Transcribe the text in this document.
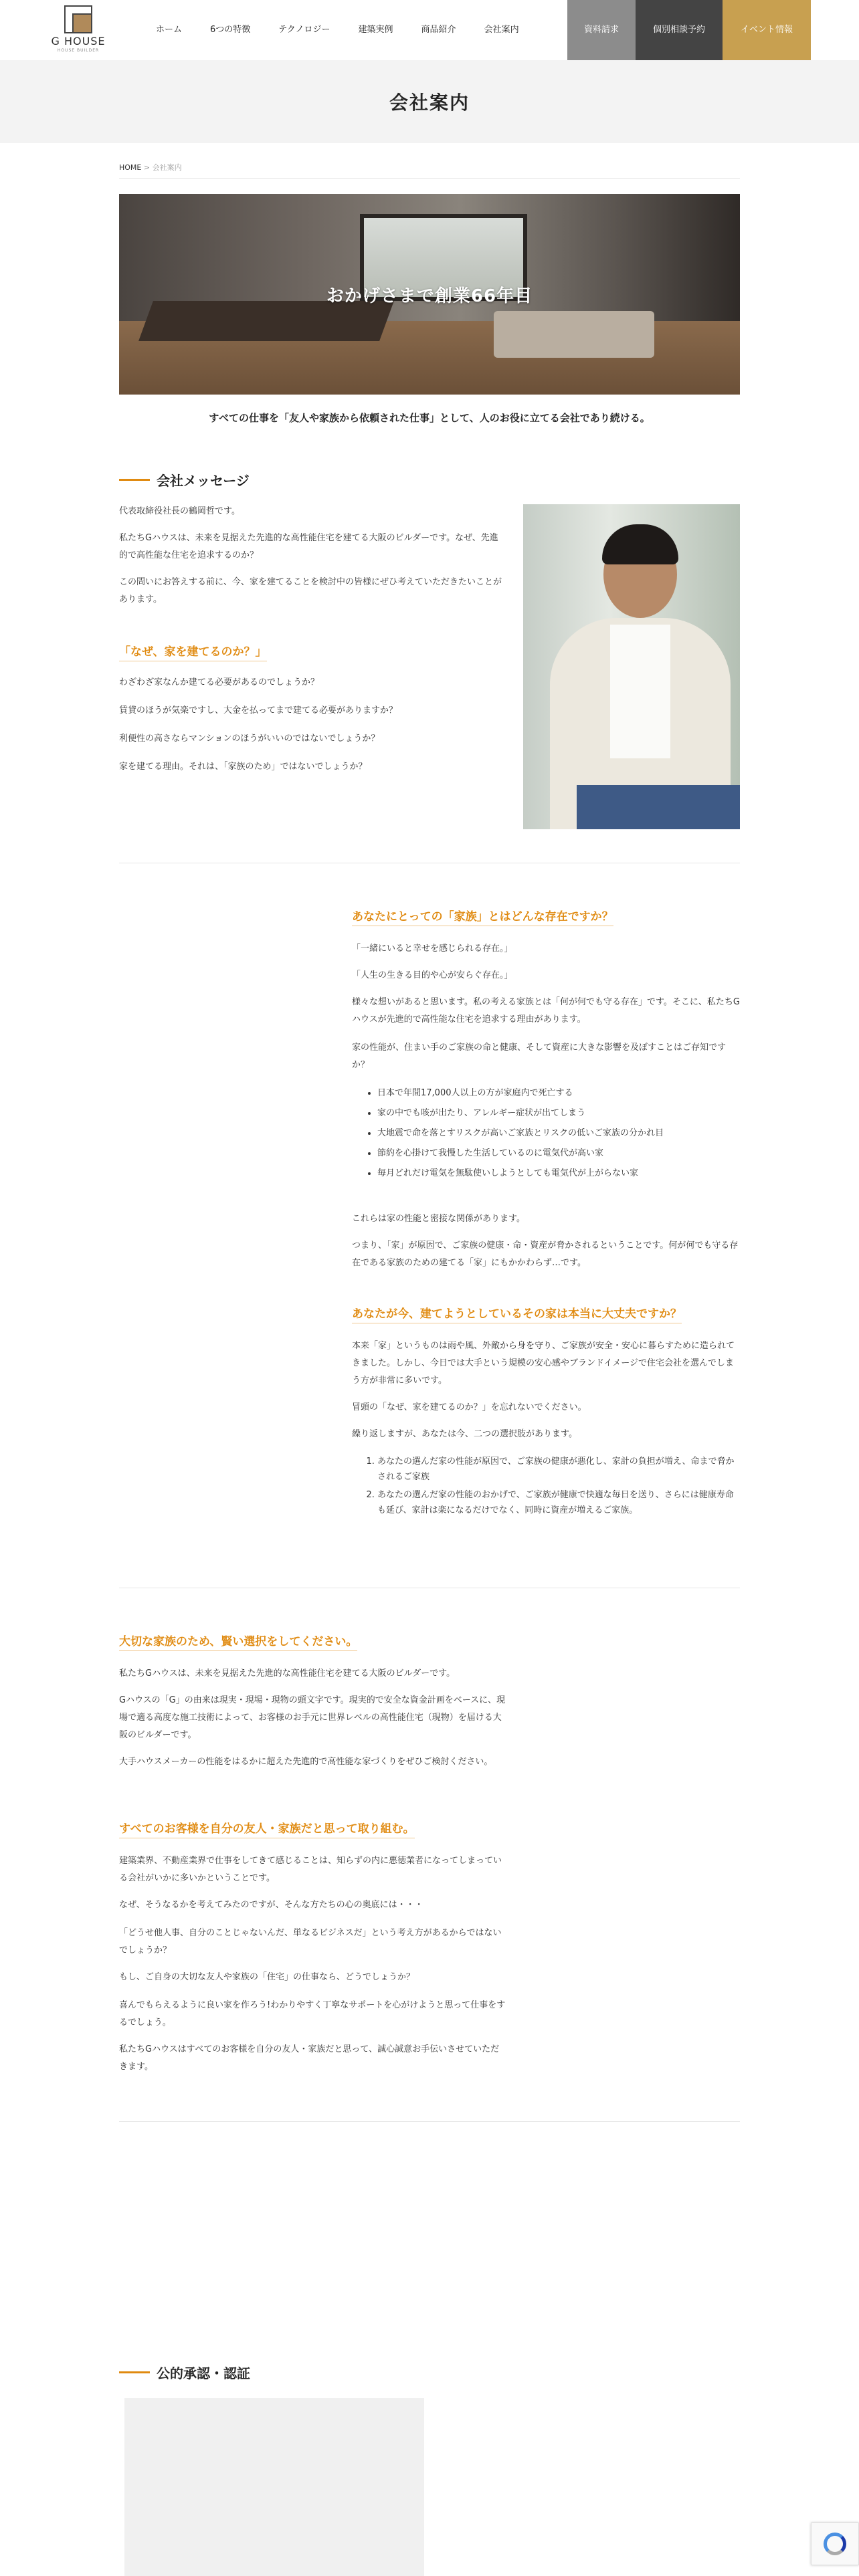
G HOUSE
HOUSE BUILDER
ホーム	6つの特徴	テクノロジー	建築実例	商品紹介	会社案内	資料請求	個別相談予約	イベント情報
会社案内
HOME > 会社案内
おかげさまで創業66年目
すべての仕事を「友人や家族から依頼された仕事」として、人のお役に立てる会社であり続ける。
会社メッセージ

代表取締役社長の鶴岡哲です。

私たちGハウスは、未来を見据えた先進的な高性能住宅を建てる大阪のビルダーです。なぜ、先進的で高性能な住宅を追求するのか？

この問いにお答えする前に、今、家を建てることを検討中の皆様にぜひ考えていただきたいことがあります。

「なぜ、家を建てるのか？」

わざわざ家なんか建てる必要があるのでしょうか？

賃貸のほうが気楽ですし、大金を払ってまで建てる必要がありますか？

利便性の高さならマンションのほうがいいのではないでしょうか？

家を建てる理由。それは、「家族のため」ではないでしょうか？

あなたにとっての「家族」とはどんな存在ですか？

「一緒にいると幸せを感じられる存在。」

「人生の生きる目的や心が安らぐ存在。」

様々な想いがあると思います。私の考える家族とは「何が何でも守る存在」です。そこに、私たちGハウスが先進的で高性能な住宅を追求する理由があります。

家の性能が、住まい手のご家族の命と健康、そして資産に大きな影響を及ぼすことはご存知ですか？

• 日本で年間17,000人以上の方が家庭内で死亡する
• 家の中でも咳が出たり、アレルギー症状が出てしまう
• 大地震で命を落とすリスクが高いご家族とリスクの低いご家族の分かれ目
• 節約を心掛けて我慢した生活しているのに電気代が高い家
• 毎月どれだけ電気を無駄使いしようとしても電気代が上がらない家

これらは家の性能と密接な関係があります。

つまり、「家」が原因で、ご家族の健康・命・資産が脅かされるということです。何が何でも守る存在である家族のための建てる「家」にもかかわらず…です。

あなたが今、建てようとしているその家は本当に大丈夫ですか？

本来「家」というものは雨や風、外敵から身を守り、ご家族が安全・安心に暮らすために造られてきました。しかし、今日では大手という規模の安心感やブランドイメージで住宅会社を選んでしまう方が非常に多いです。

冒頭の「なぜ、家を建てるのか？」を忘れないでください。

繰り返しますが、あなたは今、二つの選択肢があります。

1. あなたの選んだ家の性能が原因で、ご家族の健康が悪化し、家計の負担が増え、命まで脅かされるご家族
2. あなたの選んだ家の性能のおかげで、ご家族が健康で快適な毎日を送り、さらには健康寿命も延び、家計は楽になるだけでなく、同時に資産が増えるご家族。
大切な家族のため、賢い選択をしてください。

私たちGハウスは、未来を見据えた先進的な高性能住宅を建てる大阪のビルダーです。

Gハウスの「G」の由来は現実・現場・現物の頭文字です。現実的で安全な資金計画をベースに、現場で適る高度な施工技術によって、お客様のお手元に世界レベルの高性能住宅（現物）を届ける大阪のビルダーです。

大手ハウスメーカーの性能をはるかに超えた先進的で高性能な家づくりをぜひご検討ください。

すべてのお客様を自分の友人・家族だと思って取り組む。

建築業界、不動産業界で仕事をしてきて感じることは、知らずの内に悪徳業者になってしまっている会社がいかに多いかということです。

なぜ、そうなるかを考えてみたのですが、そんな方たちの心の奥底には・・・

「どうせ他人事、自分のことじゃないんだ、単なるビジネスだ」という考え方があるからではないでしょうか？

もし、ご自身の大切な友人や家族の「住宅」の仕事なら、どうでしょうか？

喜んでもらえるように良い家を作ろう!わかりやすく丁寧なサポートを心がけようと思って仕事をするでしょう。

私たちGハウスはすべてのお客様を自分の友人・家族だと思って、誠心誠意お手伝いさせていただきます。

公的承認・認証
